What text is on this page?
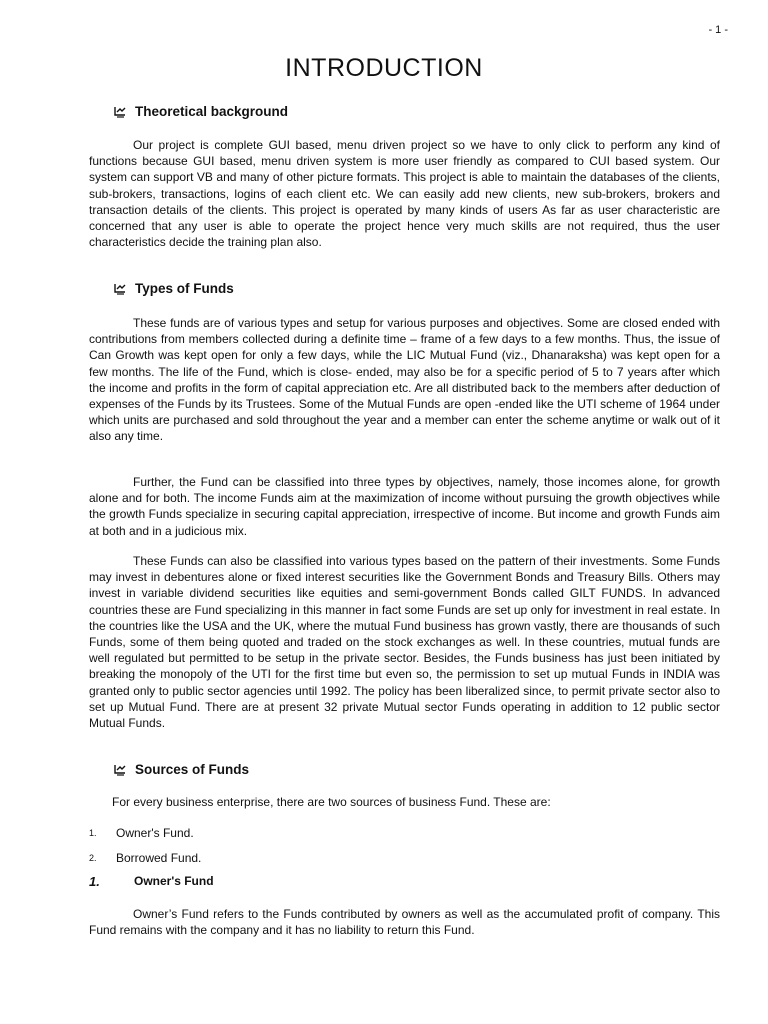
- 1 -
INTRODUCTION
Theoretical background

Our project is complete GUI based, menu driven project so we have to only click to perform any kind of functions because GUI based, menu driven system is more user friendly as compared to CUI based system. Our system can support VB and many of other picture formats. This project is able to maintain the databases of the clients, sub-brokers, transactions, logins of each client etc. We can easily add new clients, new sub-brokers, brokers and transaction details of the clients. This project is operated by many kinds of users As far as user characteristic are concerned that any user is able to operate the project hence very much skills are not required, thus the user characteristics decide the training plan also.

Types of Funds

These funds are of various types and setup for various purposes and objectives. Some are closed ended with contributions from members collected during a definite time – frame of a few days to a few months. Thus, the issue of Can Growth was kept open for only a few days, while the LIC Mutual Fund (viz., Dhanaraksha) was kept open for a few months. The life of the Fund, which is close- ended, may also be for a specific period of 5 to 7 years after which the income and profits in the form of capital appreciation etc. Are all distributed back to the members after deduction of expenses of the Funds by its Trustees. Some of the Mutual Funds are open -ended like the UTI scheme of 1964 under which units are purchased and sold throughout the year and a member can enter the scheme anytime or walk out of it also any time.

Further, the Fund can be classified into three types by objectives, namely, those incomes alone, for growth alone and for both. The income Funds aim at the maximization of income without pursuing the growth objectives while the growth Funds specialize in securing capital appreciation, irrespective of income. But income and growth Funds aim at both and in a judicious mix.

These Funds can also be classified into various types based on the pattern of their investments. Some Funds may invest in debentures alone or fixed interest securities like the Government Bonds and Treasury Bills. Others may invest in variable dividend securities like equities and semi-government Bonds called GILT FUNDS. In advanced countries these are Fund specializing in this manner in fact some Funds are set up only for investment in real estate. In the countries like the USA and the UK, where the mutual Fund business has grown vastly, there are thousands of such Funds, some of them being quoted and traded on the stock exchanges as well. In these countries, mutual funds are well regulated but permitted to be setup in the private sector. Besides, the Funds business has just been initiated by breaking the monopoly of the UTI for the first time but even so, the permission to set up mutual Funds in INDIA was granted only to public sector agencies until 1992. The policy has been liberalized since, to permit private sector also to set up Mutual Fund. There are at present 32 private Mutual sector Funds operating in addition to 12 public sector Mutual Funds.

Sources of Funds
For every business enterprise, there are two sources of business Fund. These are:
1.	Owner's Fund.
2.	Borrowed Fund.
1.	Owner's Fund

Owner’s Fund refers to the Funds contributed by owners as well as the accumulated profit of company. This Fund remains with the company and it has no liability to return this Fund.
